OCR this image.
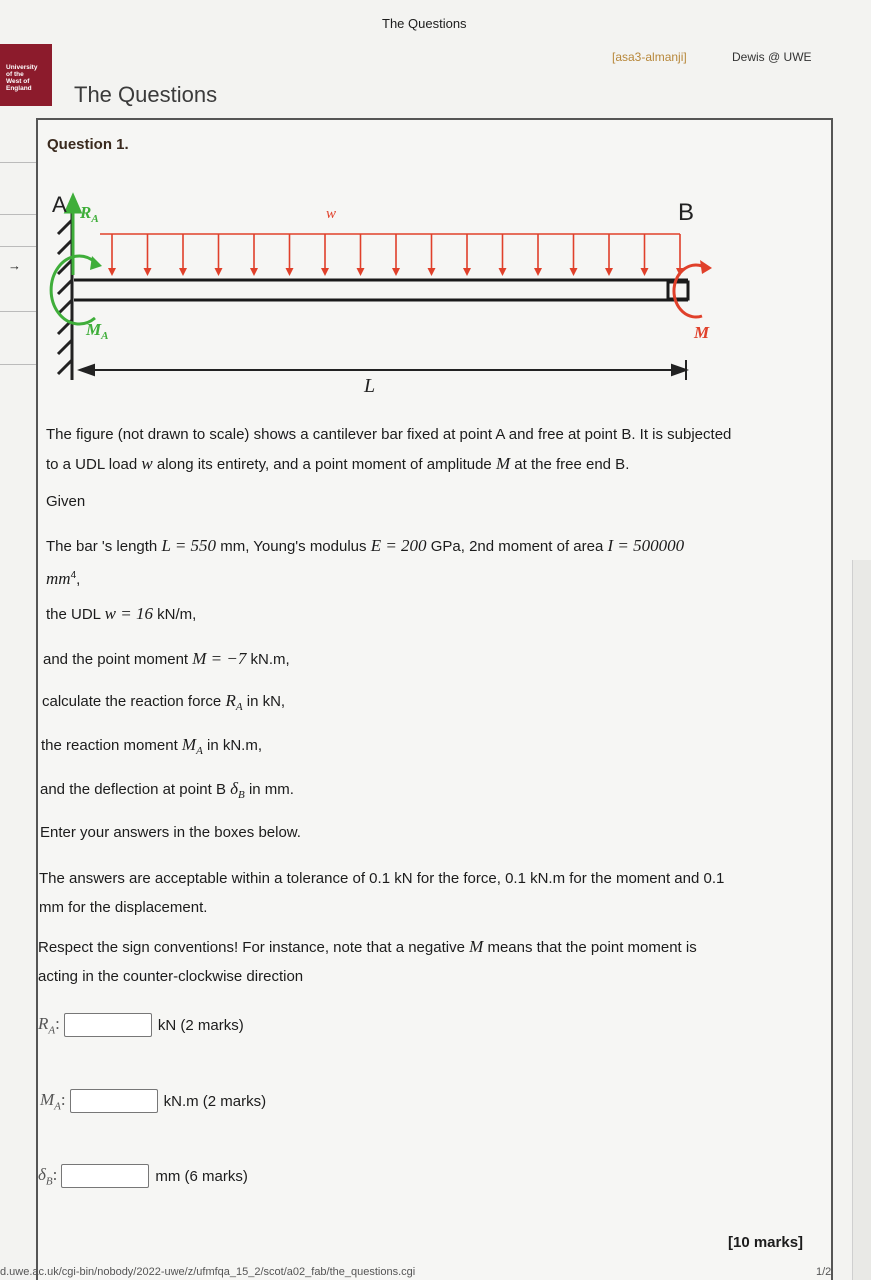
The Questions
[asa3-almanji]	Dewis @ UWE
University
of the
West of
England	The Questions
→
Question 1.
A $R_A$	w	B
$M_A$	M
L
The figure (not drawn to scale) shows a cantilever bar fixed at point A and free at point B. It is subjected
to a UDL load w along its entirety, and a point moment of amplitude M at the free end B.
Given
The bar 's length L = 550 mm, Young's modulus E = 200 GPa, 2nd moment of area I = 500000
$mm^4$,
the UDL w = 16 kN/m,
and the point moment M = −7 kN.m,
calculate the reaction force $R_A$ in kN,
the reaction moment $M_A$ in kN.m,
and the deflection at point B $\delta_B$ in mm.
Enter your answers in the boxes below.
The answers are acceptable within a tolerance of 0.1 kN for the force, 0.1 kN.m for the moment and 0.1
mm for the displacement.
Respect the sign conventions! For instance, note that a negative M means that the point moment is
acting in the counter-clockwise direction
$R_A$:	kN (2 marks)
$M_A$:	kN.m (2 marks)
$\delta_B$:	mm (6 marks)
[10 marks]
d.uwe.ac.uk/cgi-bin/nobody/2022-uwe/z/ufmfqa_15_2/scot/a02_fab/the_questions.cgi	1/2
